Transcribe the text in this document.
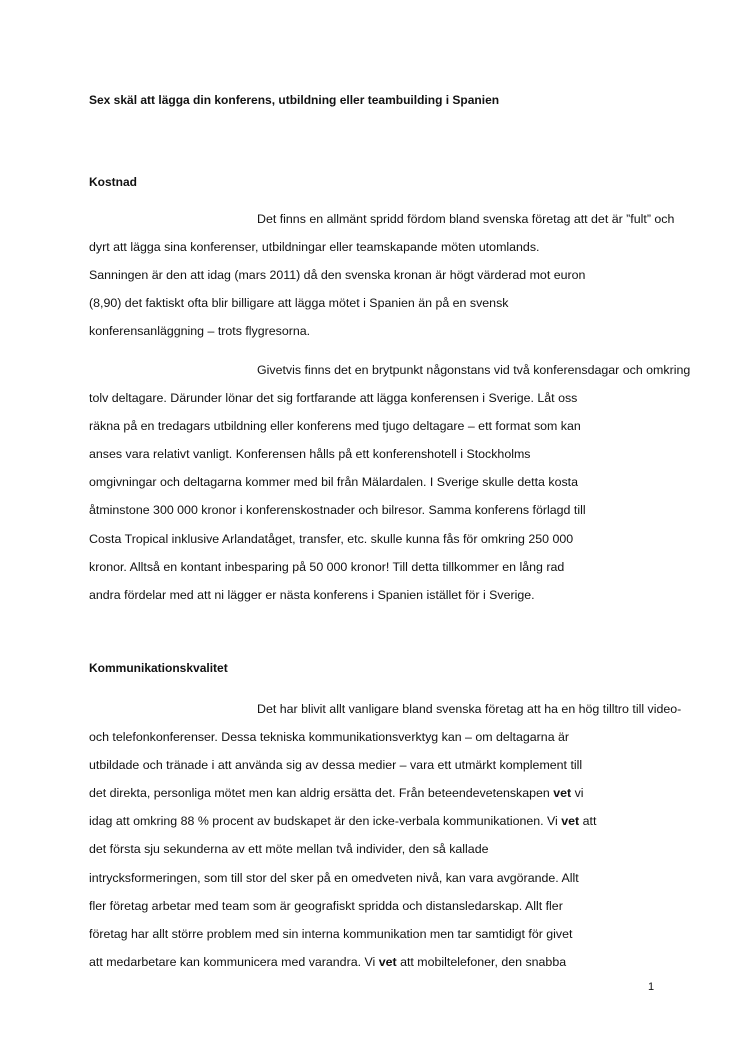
Sex skäl att lägga din konferens, utbildning eller teambuilding i Spanien

Kostnad

Det finns en allmänt spridd fördom bland svenska företag att det är ”fult” och
dyrt att lägga sina konferenser, utbildningar eller teamskapande möten utomlands.
Sanningen är den att idag (mars 2011) då den svenska kronan är högt värderad mot euron
(8,90) det faktiskt ofta blir billigare att lägga mötet i Spanien än på en svensk
konferensanläggning – trots flygresorna.
Givetvis finns det en brytpunkt någonstans vid två konferensdagar och omkring
tolv deltagare. Därunder lönar det sig fortfarande att lägga konferensen i Sverige. Låt oss
räkna på en tredagars utbildning eller konferens med tjugo deltagare – ett format som kan
anses vara relativt vanligt. Konferensen hålls på ett konferenshotell i Stockholms
omgivningar och deltagarna kommer med bil från Mälardalen. I Sverige skulle detta kosta
åtminstone 300 000 kronor i konferenskostnader och bilresor. Samma konferens förlagd till
Costa Tropical inklusive Arlandatåget, transfer, etc. skulle kunna fås för omkring 250 000
kronor. Alltså en kontant inbesparing på 50 000 kronor! Till detta tillkommer en lång rad
andra fördelar med att ni lägger er nästa konferens i Spanien istället för i Sverige.

Kommunikationskvalitet

Det har blivit allt vanligare bland svenska företag att ha en hög tilltro till video-
och telefonkonferenser. Dessa tekniska kommunikationsverktyg kan – om deltagarna är
utbildade och tränade i att använda sig av dessa medier – vara ett utmärkt komplement till
det direkta, personliga mötet men kan aldrig ersätta det. Från beteendevetenskapen vet vi
idag att omkring 88 % procent av budskapet är den icke-verbala kommunikationen. Vi vet att
det första sju sekunderna av ett möte mellan två individer, den så kallade
intrycksformeringen, som till stor del sker på en omedveten nivå, kan vara avgörande. Allt
fler företag arbetar med team som är geografiskt spridda och distansledarskap. Allt fler
företag har allt större problem med sin interna kommunikation men tar samtidigt för givet
att medarbetare kan kommunicera med varandra. Vi vet att mobiltelefoner, den snabba
1
